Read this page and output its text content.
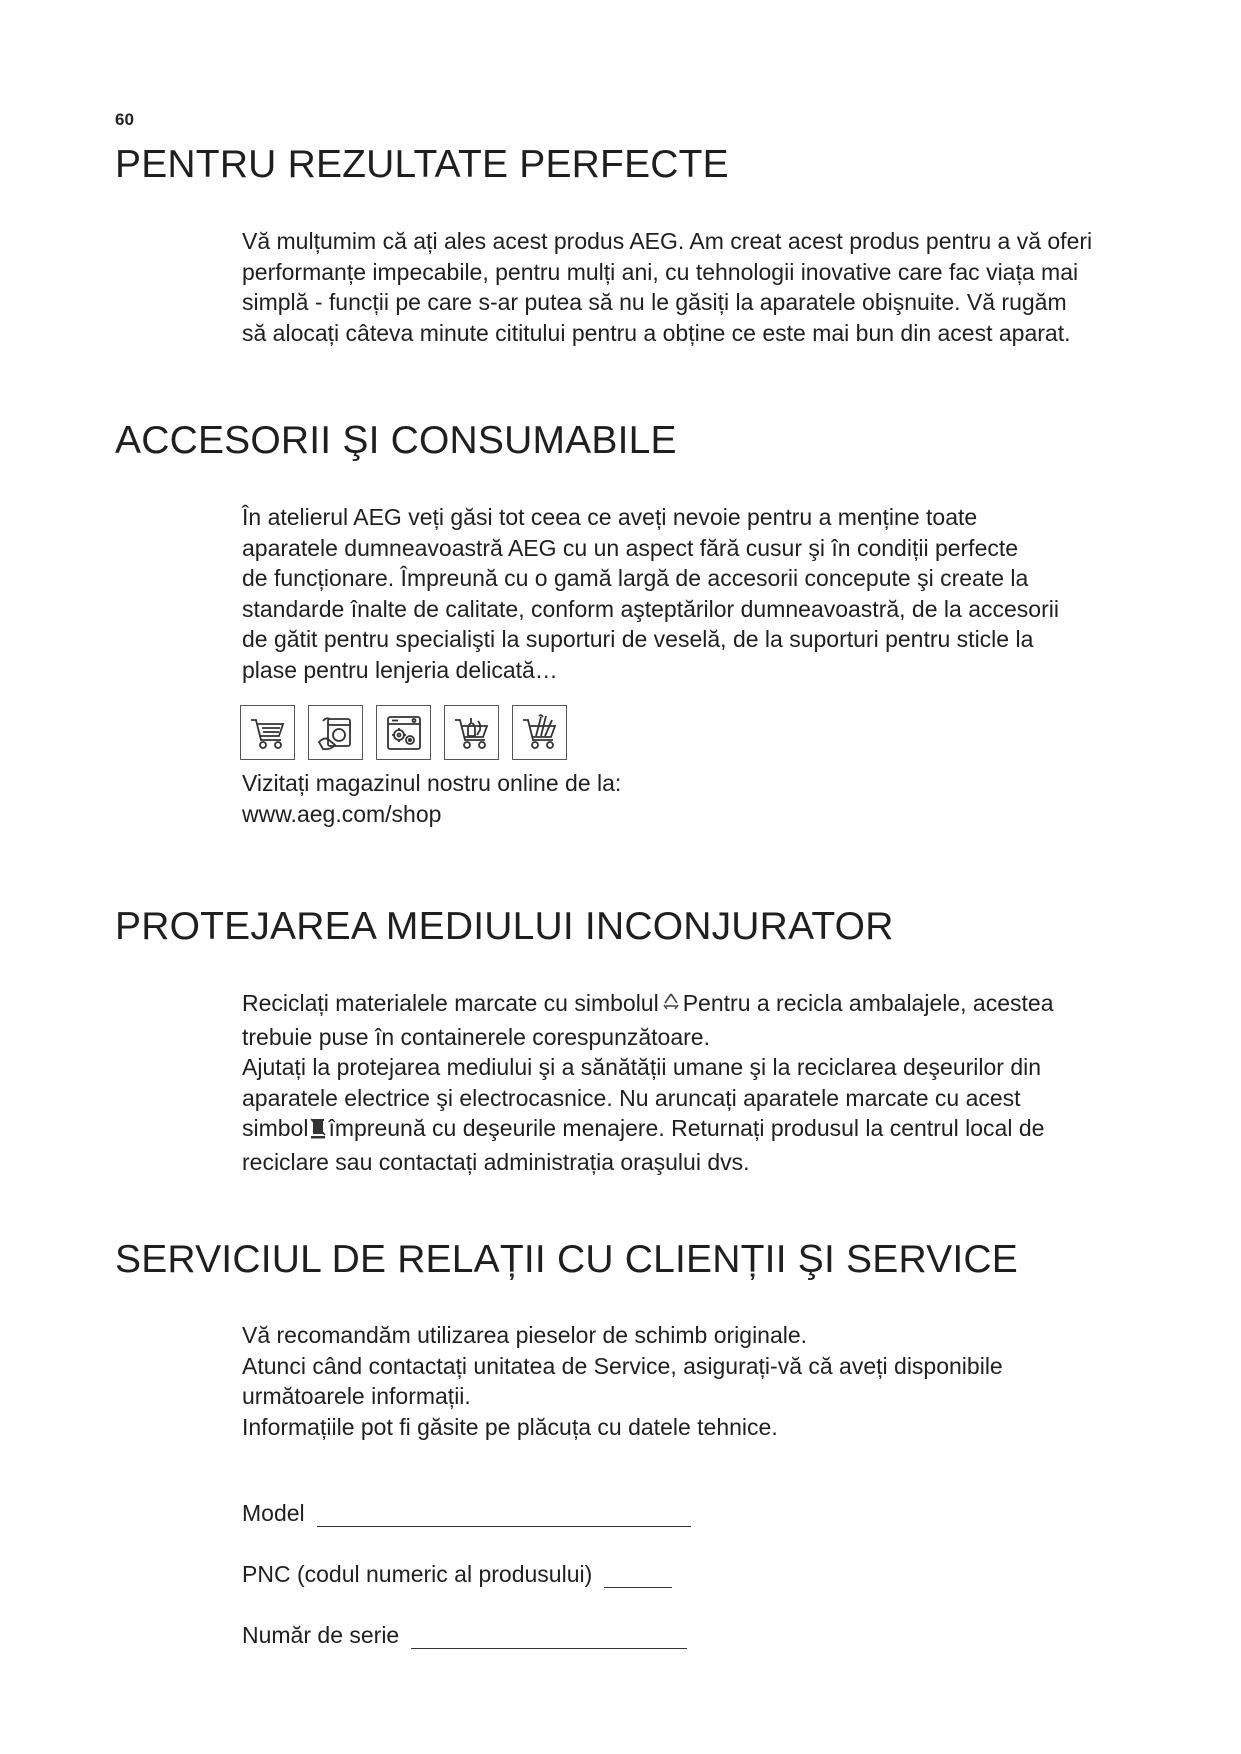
60
PENTRU REZULTATE PERFECTE
Vă mulțumim că ați ales acest produs AEG. Am creat acest produs pentru a vă oferi
performanțe impecabile, pentru mulți ani, cu tehnologii inovative care fac viața mai
simplă - funcții pe care s-ar putea să nu le găsiți la aparatele obişnuite. Vă rugăm
să alocați câteva minute cititului pentru a obține ce este mai bun din acest aparat.
ACCESORII ŞI CONSUMABILE
În atelierul AEG veți găsi tot ceea ce aveți nevoie pentru a menține toate
aparatele dumneavoastră AEG cu un aspect fără cusur şi în condiții perfecte
de funcționare. Împreună cu o gamă largă de accesorii concepute şi create la
standarde înalte de calitate, conform aşteptărilor dumneavoastră, de la accesorii
de gătit pentru specialişti la suporturi de veselă, de la suporturi pentru sticle la
plase pentru lenjeria delicată…
Vizitați magazinul nostru online de la:
www.aeg.com/shop
PROTEJAREA MEDIULUI INCONJURATOR
Reciclați materialele marcate cu simbolul Pentru a recicla ambalajele, acestea
trebuie puse în containerele corespunzătoare.
Ajutați la protejarea mediului şi a sănătății umane şi la reciclarea deşeurilor din
aparatele electrice şi electrocasnice. Nu aruncați aparatele marcate cu acest
simbol împreună cu deşeurile menajere. Returnați produsul la centrul local de
reciclare sau contactați administrația oraşului dvs.
SERVICIUL DE RELAȚII CU CLIENȚII ŞI SERVICE
Vă recomandăm utilizarea pieselor de schimb originale.
Atunci când contactați unitatea de Service, asigurați-vă că aveți disponibile
următoarele informații.
Informațiile pot fi găsite pe plăcuța cu datele tehnice.
Model
PNC (codul numeric al produsului)
Număr de serie
